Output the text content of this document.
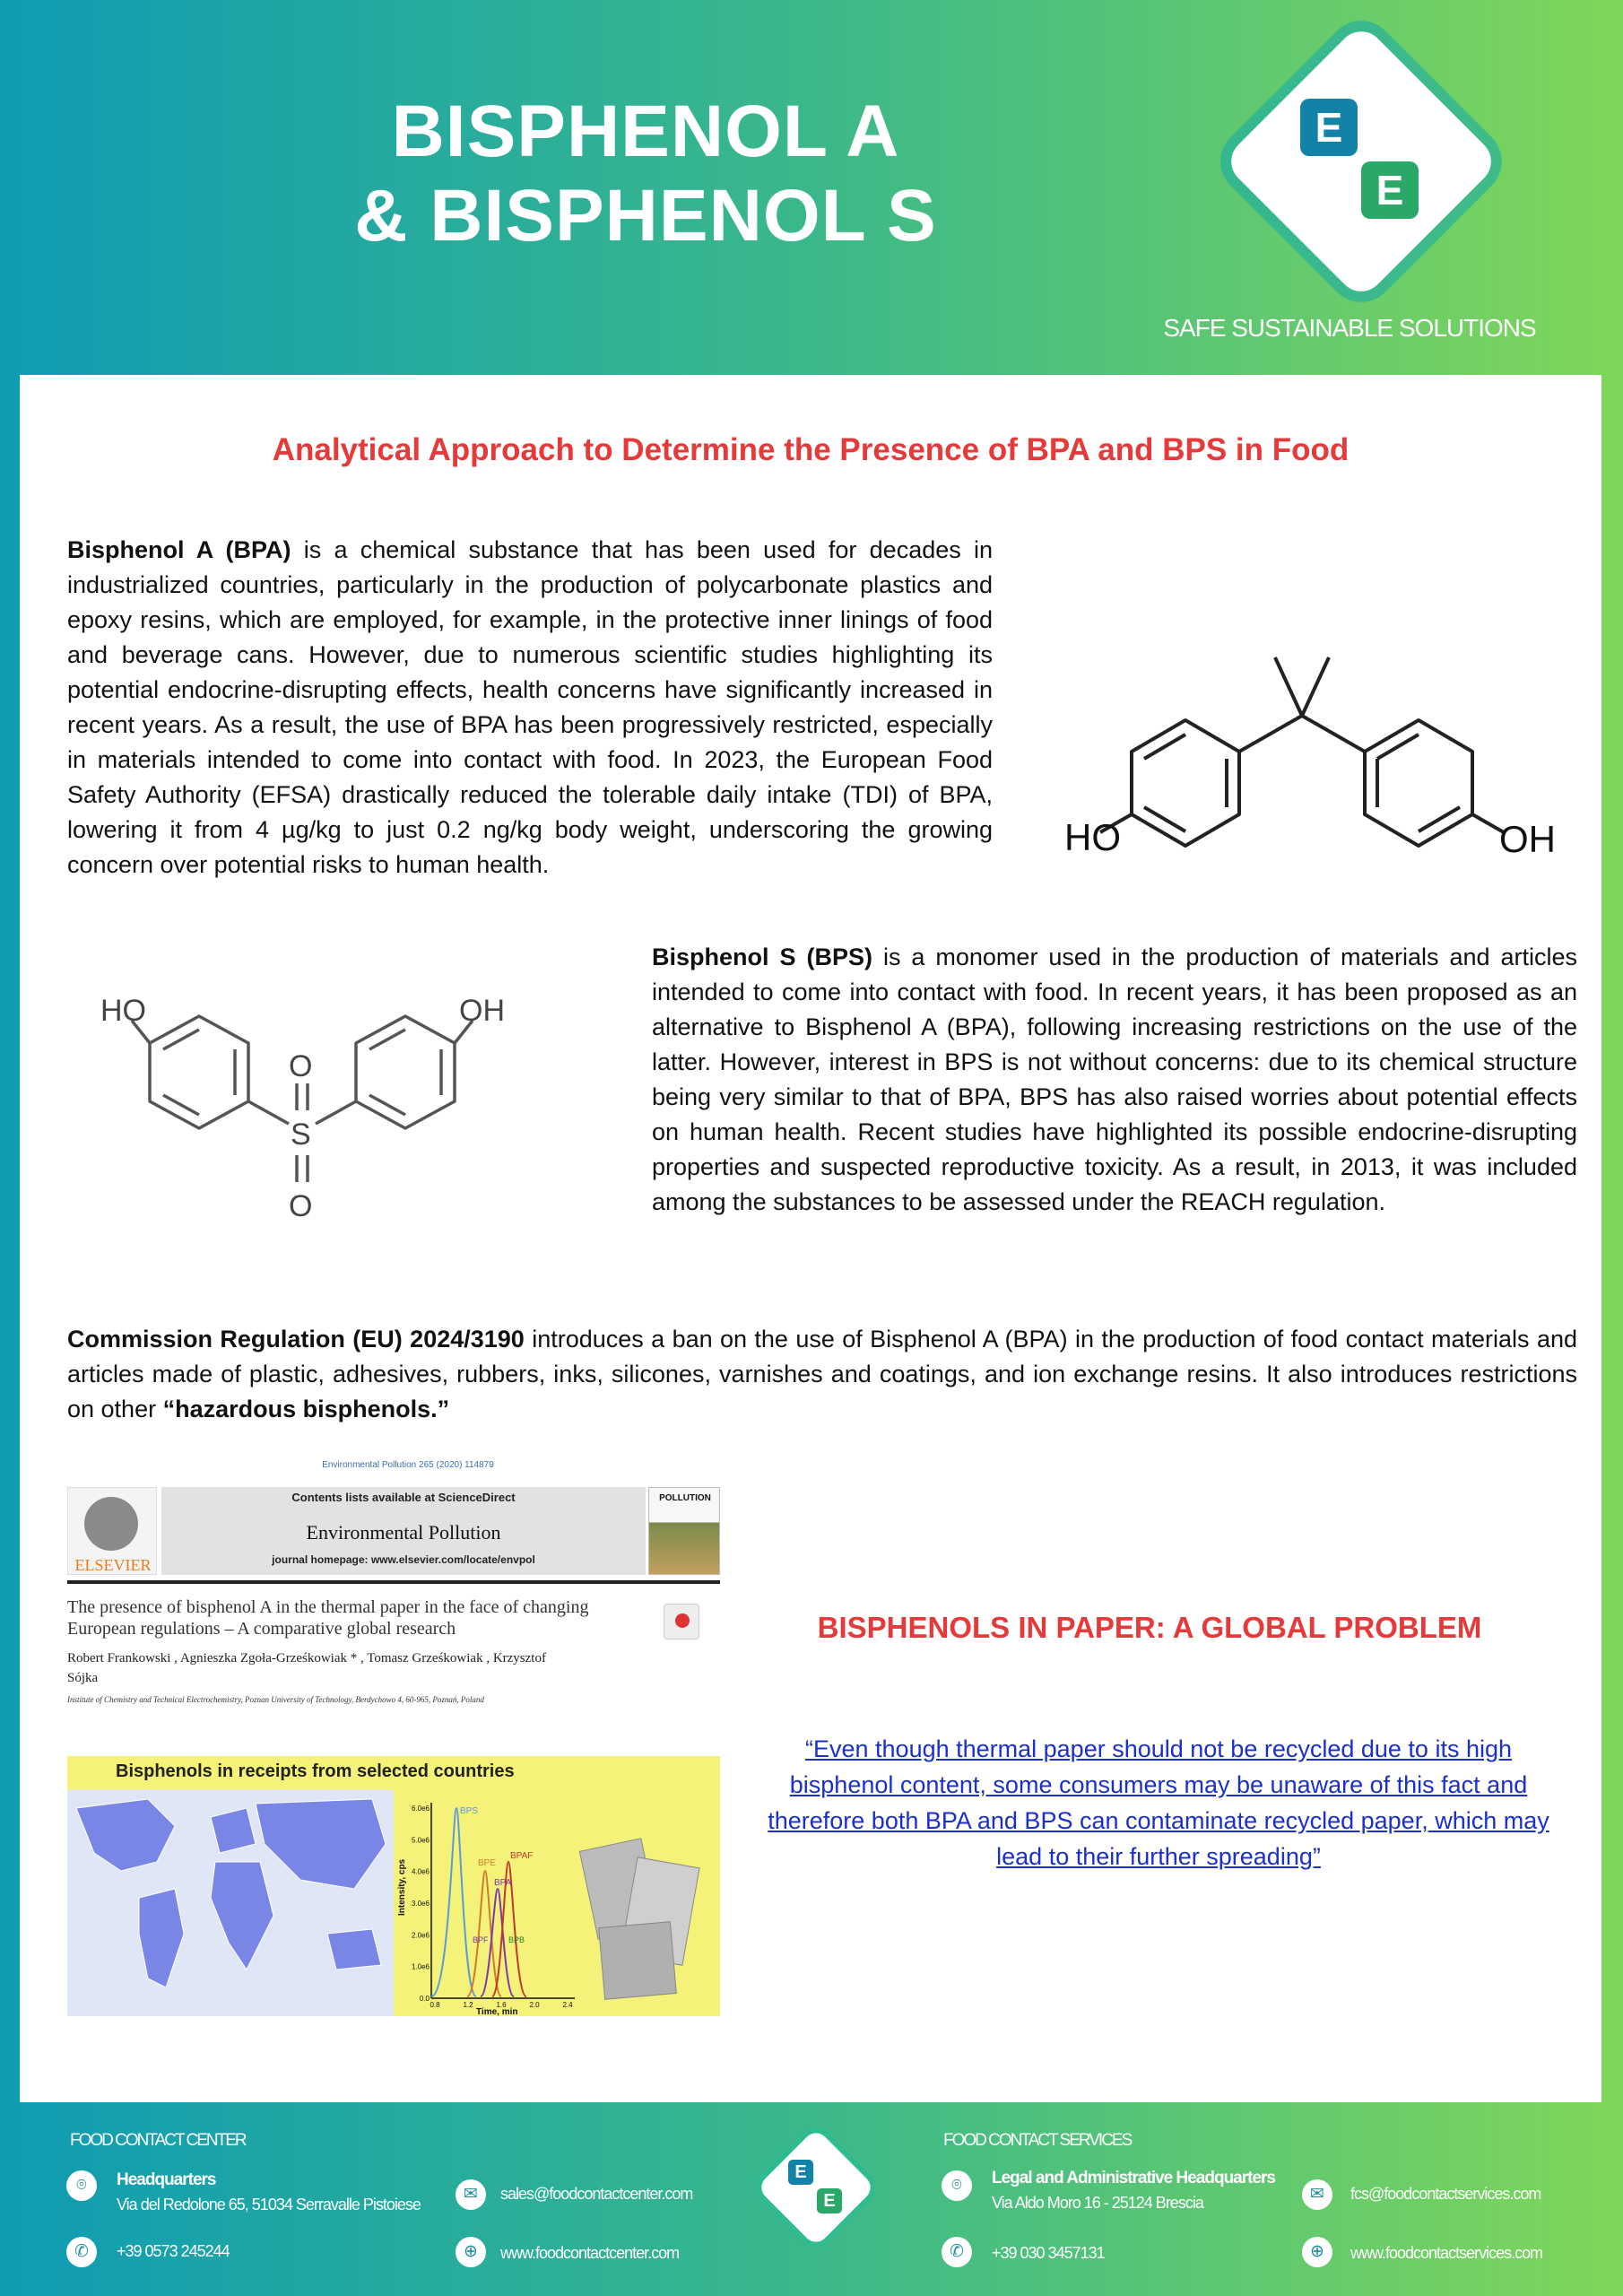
BISPHENOL A
& BISPHENOL S
E
E
SAFE SUSTAINABLE SOLUTIONS
Analytical Approach to Determine the Presence of BPA and BPS in Food
Bisphenol A (BPA) is a chemical substance that has been used for decades in industrialized countries, particularly in the production of polycarbonate plastics and epoxy resins, which are employed, for example, in the protective inner linings of food and beverage cans. However, due to numerous scientific studies highlighting its potential endocrine-disrupting effects, health concerns have significantly increased in recent years. As a result, the use of BPA has been progressively restricted, especially in materials intended to come into contact with food. In 2023, the European Food Safety Authority (EFSA) drastically reduced the tolerable daily intake (TDI) of BPA, lowering it from 4 µg/kg to just 0.2 ng/kg body weight, underscoring the growing concern over potential risks to human health.
HO	OH
O
S
O
HO	OH
Bisphenol S (BPS) is a monomer used in the production of materials and articles intended to come into contact with food. In recent years, it has been proposed as an alternative to Bisphenol A (BPA), following increasing restrictions on the use of the latter. However, interest in BPS is not without concerns: due to its chemical structure being very similar to that of BPA, BPS has also raised worries about potential effects on human health. Recent studies have highlighted its possible endocrine-disrupting properties and suspected reproductive toxicity. As a result, in 2013, it was included among the substances to be assessed under the REACH regulation.
Commission Regulation (EU) 2024/3190 introduces a ban on the use of Bisphenol A (BPA) in the production of food contact materials and articles made of plastic, adhesives, rubbers, inks, silicones, varnishes and coatings, and ion exchange resins. It also introduces restrictions on other “hazardous bisphenols.”
Environmental Pollution 265 (2020) 114879
ELSEVIER
Contents lists available at ScienceDirect
Environmental Pollution
journal homepage: www.elsevier.com/locate/envpol
POLLUTION
The presence of bisphenol A in the thermal paper in the face of changing European regulations – A comparative global research
Robert Frankowski , Agnieszka Zgoła-Grześkowiak * , Tomasz Grześkowiak , Krzysztof Sójka
Institute of Chemistry and Technical Electrochemistry, Poznan University of Technology, Berdychowo 4, 60-965, Poznań, Poland
Bisphenols in receipts from selected countries
Intensity, cps
Time, min
6.0e6
5.0e6
4.0e6
3.0e6
2.0e6
1.0e6
0.0
0.8	1.2	1.6	2.0	2.4
BPS
BPE
BPAF
BPA
BPF BPB
BISPHENOLS IN PAPER: A GLOBAL PROBLEM
“Even though thermal paper should not be recycled due to its high bisphenol content, some consumers may be unaware of this fact and therefore both BPA and BPS can contaminate recycled paper, which may lead to their further spreading”
FOOD CONTACT CENTER
⌾	Headquarters
Via del Redolone 65, 51034 Serravalle Pistoiese
✆	+39 0573 245244
✉	sales@foodcontactcenter.com
⊕	www.foodcontactcenter.com
E
E
FOOD CONTACT SERVICES
⌾	Legal and Administrative Headquarters
Via Aldo Moro 16 - 25124 Brescia
✆	+39 030 3457131
✉	fcs@foodcontactservices.com
⊕	www.foodcontactservices.com
